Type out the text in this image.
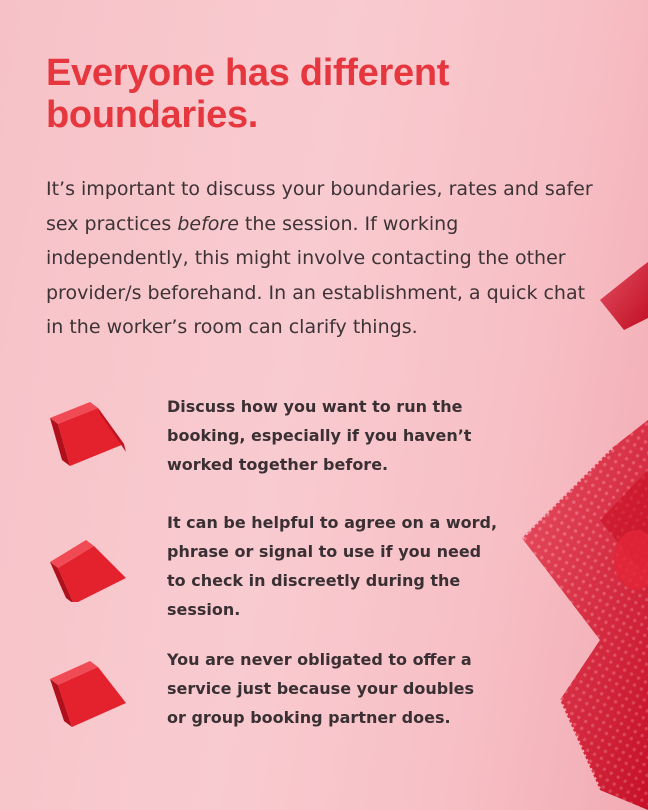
Everyone has different boundaries.

It’s important to discuss your boundaries, rates and safer sex practices before the session. If working independently, this might involve contacting the other provider/s beforehand. In an establishment, a quick chat in the worker’s room can clarify things.

Discuss how you want to run the booking, especially if you haven’t worked together before.

It can be helpful to agree on a word, phrase or signal to use if you need to check in discreetly during the session.

You are never obligated to offer a service just because your doubles or group booking partner does.
